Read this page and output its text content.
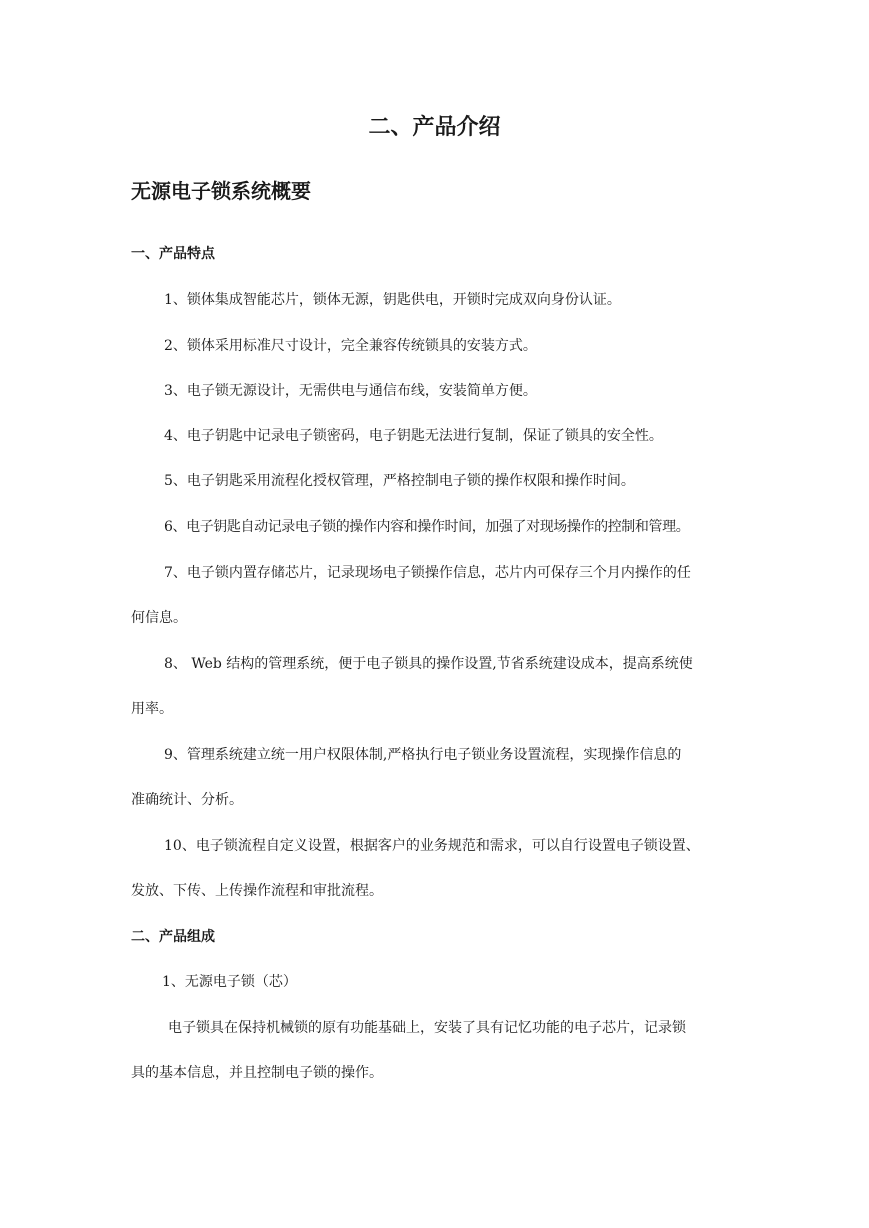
二、产品介绍
无源电子锁系统概要
一、产品特点
1、锁体集成智能芯片，锁体无源，钥匙供电，开锁时完成双向身份认证。
2、锁体采用标准尺寸设计，完全兼容传统锁具的安装方式。
3、电子锁无源设计，无需供电与通信布线，安装简单方便。
4、电子钥匙中记录电子锁密码，电子钥匙无法进行复制，保证了锁具的安全性。
5、电子钥匙采用流程化授权管理，严格控制电子锁的操作权限和操作时间。
6、电子钥匙自动记录电子锁的操作内容和操作时间，加强了对现场操作的控制和管理。
7、电子锁内置存储芯片，记录现场电子锁操作信息，芯片内可保存三个月内操作的任
何信息。
8、 Web 结构的管理系统，便于电子锁具的操作设置,节省系统建设成本，提高系统使
用率。
9、管理系统建立统一用户权限体制,严格执行电子锁业务设置流程，实现操作信息的
准确统计、分析。
10、电子锁流程自定义设置，根据客户的业务规范和需求，可以自行设置电子锁设置、
发放、下传、上传操作流程和审批流程。
二、产品组成
1、无源电子锁（芯）
电子锁具在保持机械锁的原有功能基础上，安装了具有记忆功能的电子芯片，记录锁
具的基本信息，并且控制电子锁的操作。
